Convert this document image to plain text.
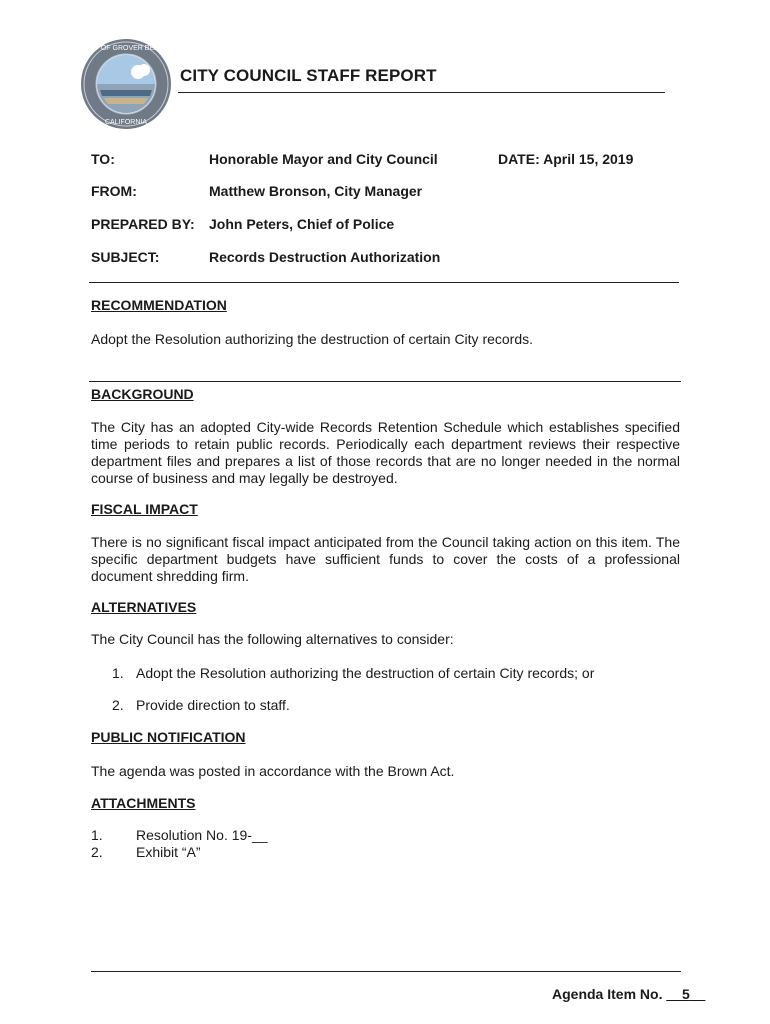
CITY OF GROVER BEACH
CALIFORNIA
CITY COUNCIL STAFF REPORT
TO:	Honorable Mayor and City Council	DATE: April 15, 2019
FROM:	Matthew Bronson, City Manager
PREPARED BY: John Peters, Chief of Police
SUBJECT:	Records Destruction Authorization
RECOMMENDATION
Adopt the Resolution authorizing the destruction of certain City records.
BACKGROUND
The City has an adopted City-wide Records Retention Schedule which establishes specified time periods to retain public records. Periodically each department reviews their respective department files and prepares a list of those records that are no longer needed in the normal course of business and may legally be destroyed.
FISCAL IMPACT
There is no significant fiscal impact anticipated from the Council taking action on this item. The specific department budgets have sufficient funds to cover the costs of a professional document shredding firm.
ALTERNATIVES
The City Council has the following alternatives to consider:
1. Adopt the Resolution authorizing the destruction of certain City records; or
2. Provide direction to staff.
PUBLIC NOTIFICATION
The agenda was posted in accordance with the Brown Act.
ATTACHMENTS
1. Resolution No. 19-__
2. Exhibit “A”
Agenda Item No. __5__
